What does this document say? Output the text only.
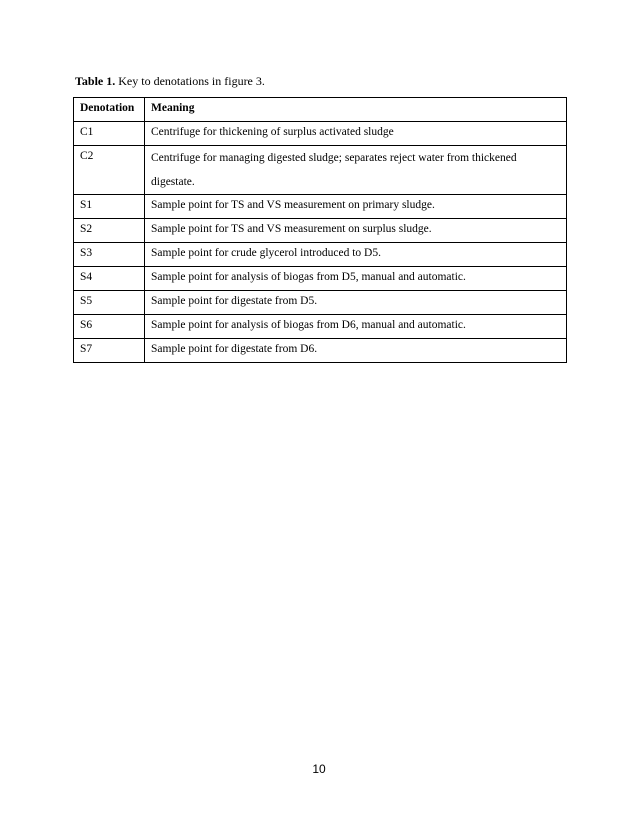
Table 1. Key to denotations in figure 3.
Denotation	Meaning
C1	Centrifuge for thickening of surplus activated sludge
C2	Centrifuge for managing digested sludge; separates reject water from thickened digestate.
S1	Sample point for TS and VS measurement on primary sludge.
S2	Sample point for TS and VS measurement on surplus sludge.
S3	Sample point for crude glycerol introduced to D5.
S4	Sample point for analysis of biogas from D5, manual and automatic.
S5	Sample point for digestate from D5.
S6	Sample point for analysis of biogas from D6, manual and automatic.
S7	Sample point for digestate from D6.
10
